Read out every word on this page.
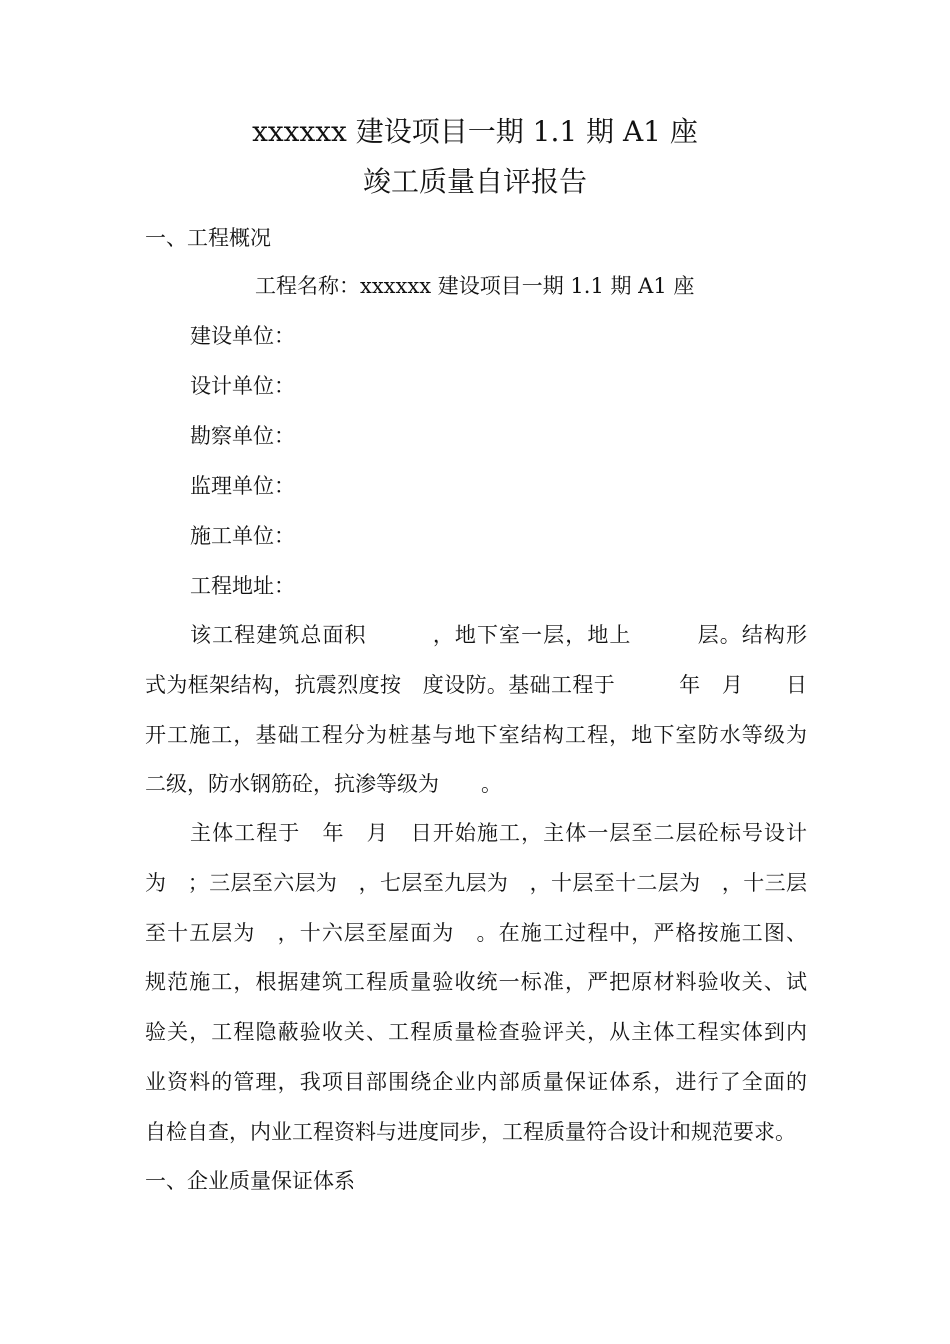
xxxxxx 建设项目一期 1.1 期 A1 座
竣工质量自评报告
一、工程概况
工程名称：xxxxxx 建设项目一期 1.1 期 A1 座
建设单位：
设计单位：
勘察单位：
监理单位：
施工单位：
工程地址：
该工程建筑总面积　　　，地下室一层，地上　　　层。结构形
式为框架结构，抗震烈度按　度设防。基础工程于　　　年　月　　日
开工施工，基础工程分为桩基与地下室结构工程，地下室防水等级为
二级，防水钢筋砼，抗渗等级为　　。
主体工程于　年　月　日开始施工，主体一层至二层砼标号设计
为　；三层至六层为　，七层至九层为　，十层至十二层为　，十三层
至十五层为　，十六层至屋面为　。在施工过程中，严格按施工图、
规范施工，根据建筑工程质量验收统一标准，严把原材料验收关、试
验关，工程隐蔽验收关、工程质量检查验评关，从主体工程实体到内
业资料的管理，我项目部围绕企业内部质量保证体系，进行了全面的
自检自查，内业工程资料与进度同步，工程质量符合设计和规范要求。
一、企业质量保证体系
